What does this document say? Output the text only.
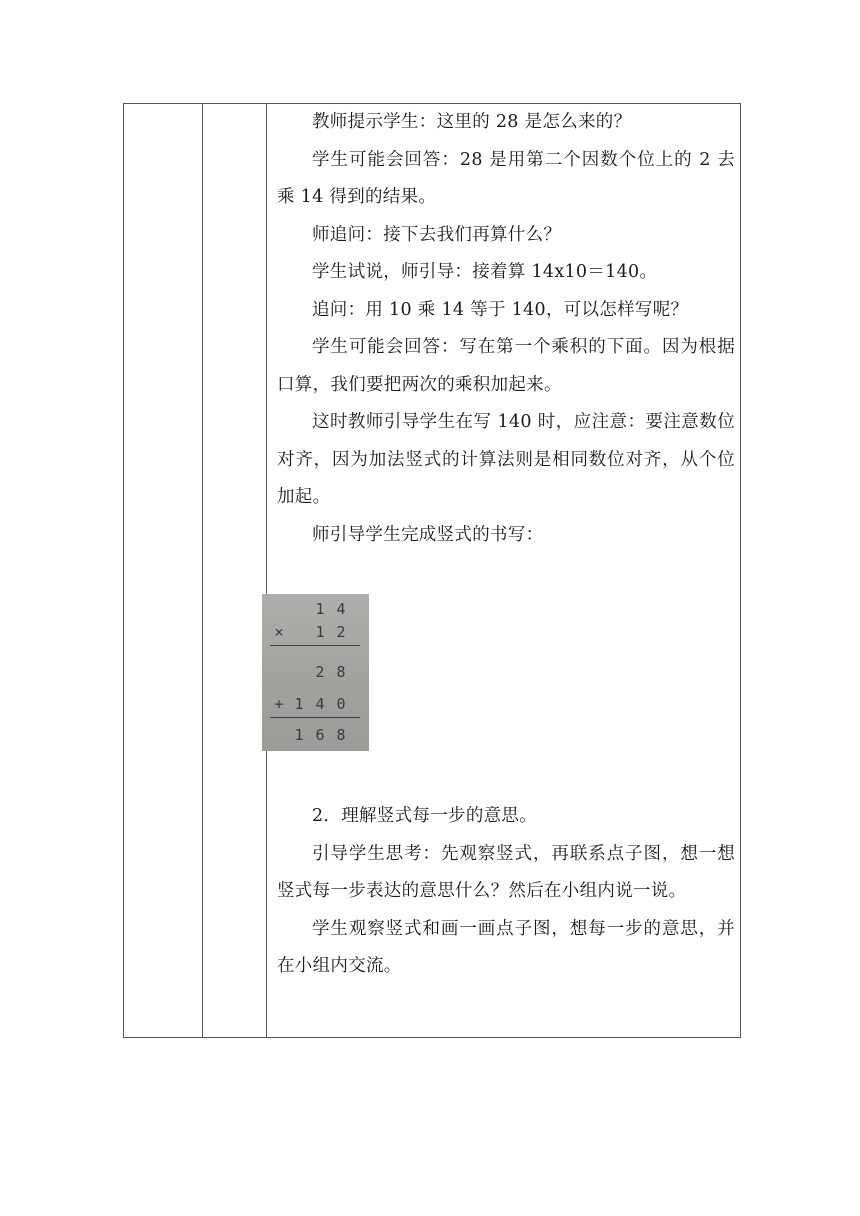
教师提示学生：这里的 28 是怎么来的？

学生可能会回答：28 是用第二个因数个位上的 2 去乘 14 得到的结果。

师追问：接下去我们再算什么？

学生试说，师引导：接着算 14x10＝140。

追问：用 10 乘 14 等于 140，可以怎样写呢？

学生可能会回答：写在第一个乘积的下面。因为根据口算，我们要把两次的乘积加起来。

这时教师引导学生在写 140 时，应注意：要注意数位对齐，因为加法竖式的计算法则是相同数位对齐，从个位加起。

师引导学生完成竖式的书写：

2．理解竖式每一步的意思。

引导学生思考：先观察竖式，再联系点子图，想一想竖式每一步表达的意思什么？然后在小组内说一说。

学生观察竖式和画一画点子图，想每一步的意思，并在小组内交流。

1 4
× 1 2
2 8
+ 1 4 0
1 6 8
